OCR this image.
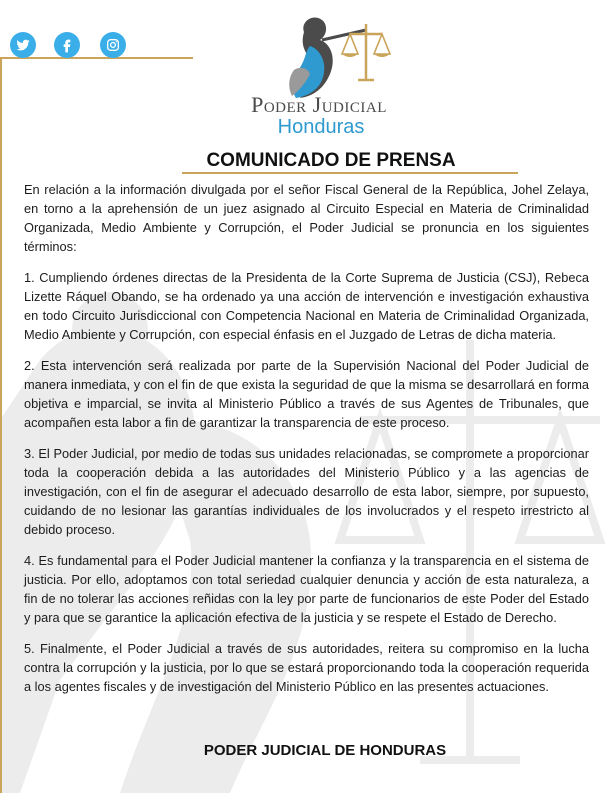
Poder Judicial
Honduras
COMUNICADO DE PRENSA

En relación a la información divulgada por el señor Fiscal General de la República, Johel Zelaya, en torno a la aprehensión de un juez asignado al Circuito Especial en Materia de Criminalidad Organizada, Medio Ambiente y Corrupción, el Poder Judicial se pronuncia en los siguientes términos:

1. Cumpliendo órdenes directas de la Presidenta de la Corte Suprema de Justicia (CSJ), Rebeca Lizette Ráquel Obando, se ha ordenado ya una acción de intervención e investigación exhaustiva en todo Circuito Jurisdiccional con Competencia Nacional en Materia de Criminalidad Organizada, Medio Ambiente y Corrupción, con especial énfasis en el Juzgado de Letras de dicha materia.

2. Esta intervención será realizada por parte de la Supervisión Nacional del Poder Judicial de manera inmediata, y con el fin de que exista la seguridad de que la misma se desarrollará en forma objetiva e imparcial, se invita al Ministerio Público a través de sus Agentes de Tribunales, que acompañen esta labor a fin de garantizar la transparencia de este proceso.

3. El Poder Judicial, por medio de todas sus unidades relacionadas, se compromete a proporcionar toda la cooperación debida a las autoridades del Ministerio Público y a las agencias de investigación, con el fin de asegurar el adecuado desarrollo de esta labor, siempre, por supuesto, cuidando de no lesionar las garantías individuales de los involucrados y el respeto irrestricto al debido proceso.

4. Es fundamental para el Poder Judicial mantener la confianza y la transparencia en el sistema de justicia. Por ello, adoptamos con total seriedad cualquier denuncia y acción de esta naturaleza, a fin de no tolerar las acciones reñidas con la ley por parte de funcionarios de este Poder del Estado y para que se garantice la aplicación efectiva de la justicia y se respete el Estado de Derecho.

5. Finalmente, el Poder Judicial a través de sus autoridades, reitera su compromiso en la lucha contra la corrupción y la justicia, por lo que se estará proporcionando toda la cooperación requerida a los agentes fiscales y de investigación del Ministerio Público en las presentes actuaciones.

PODER JUDICIAL DE HONDURAS
